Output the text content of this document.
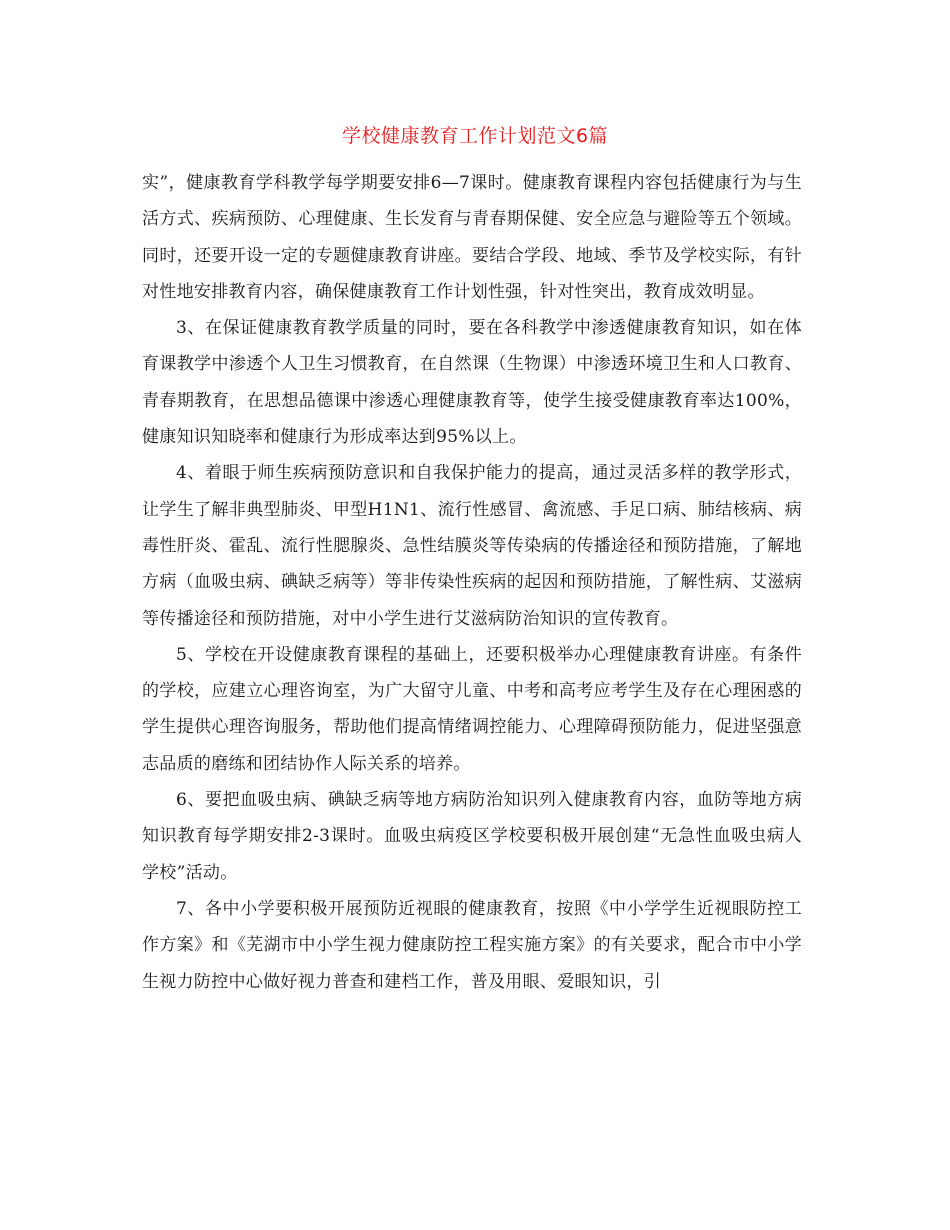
学校健康教育工作计划范文6篇

实”，健康教育学科教学每学期要安排6—7课时。健康教育课程内容包括健康行为与生活方式、疾病预防、心理健康、生长发育与青春期保健、安全应急与避险等五个领域。同时，还要开设一定的专题健康教育讲座。要结合学段、地域、季节及学校实际，有针对性地安排教育内容，确保健康教育工作计划性强，针对性突出，教育成效明显。

3、在保证健康教育教学质量的同时，要在各科教学中渗透健康教育知识，如在体育课教学中渗透个人卫生习惯教育，在自然课（生物课）中渗透环境卫生和人口教育、青春期教育，在思想品德课中渗透心理健康教育等，使学生接受健康教育率达100%，健康知识知晓率和健康行为形成率达到95%以上。

4、着眼于师生疾病预防意识和自我保护能力的提高，通过灵活多样的教学形式，让学生了解非典型肺炎、甲型H1N1、流行性感冒、禽流感、手足口病、肺结核病、病毒性肝炎、霍乱、流行性腮腺炎、急性结膜炎等传染病的传播途径和预防措施，了解地方病（血吸虫病、碘缺乏病等）等非传染性疾病的起因和预防措施，了解性病、艾滋病等传播途径和预防措施，对中小学生进行艾滋病防治知识的宣传教育。

5、学校在开设健康教育课程的基础上，还要积极举办心理健康教育讲座。有条件的学校，应建立心理咨询室，为广大留守儿童、中考和高考应考学生及存在心理困惑的学生提供心理咨询服务，帮助他们提高情绪调控能力、心理障碍预防能力，促进坚强意志品质的磨练和团结协作人际关系的培养。

6、要把血吸虫病、碘缺乏病等地方病防治知识列入健康教育内容，血防等地方病知识教育每学期安排2-3课时。血吸虫病疫区学校要积极开展创建“无急性血吸虫病人学校”活动。

7、各中小学要积极开展预防近视眼的健康教育，按照《中小学学生近视眼防控工作方案》和《芜湖市中小学生视力健康防控工程实施方案》的有关要求，配合市中小学生视力防控中心做好视力普查和建档工作，普及用眼、爱眼知识，引
